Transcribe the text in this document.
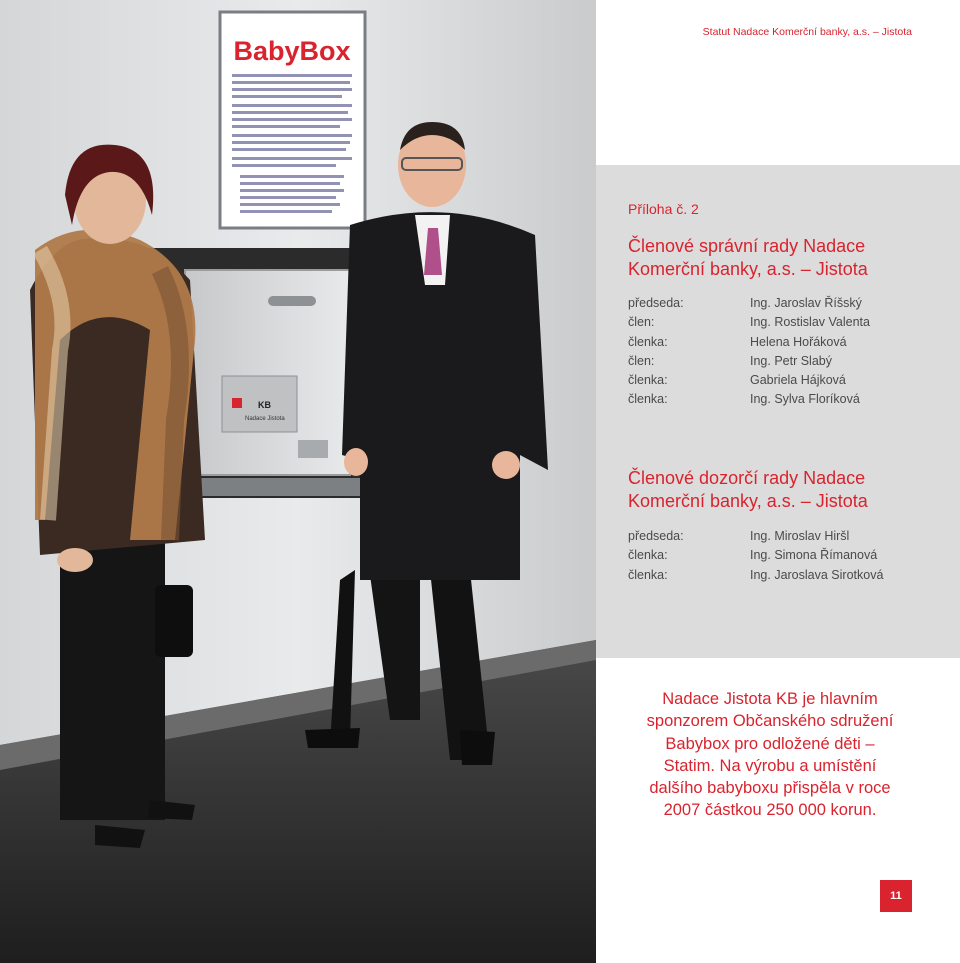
BabyBox
KB
Nadace Jistota
Statut Nadace Komerční banky, a.s. – Jistota
Příloha č. 2
Členové správní rady Nadace
Komerční banky, a.s. – Jistota
předseda:	Ing. Jaroslav Říšský
člen:	Ing. Rostislav Valenta
členka:	Helena Hořáková
člen:	Ing. Petr Slabý
členka:	Gabriela Hájková
členka:	Ing. Sylva Floríková
Členové dozorčí rady Nadace
Komerční banky, a.s. – Jistota
předseda:	Ing. Miroslav Hiršl
členka:	Ing. Simona Římanová
členka:	Ing. Jaroslava Sirotková
Nadace Jistota KB je hlavním
sponzorem Občanského sdružení
Babybox pro odložené děti –
Statim. Na výrobu a umístění
dalšího babyboxu přispěla v roce
2007 částkou 250 000 korun.
11
